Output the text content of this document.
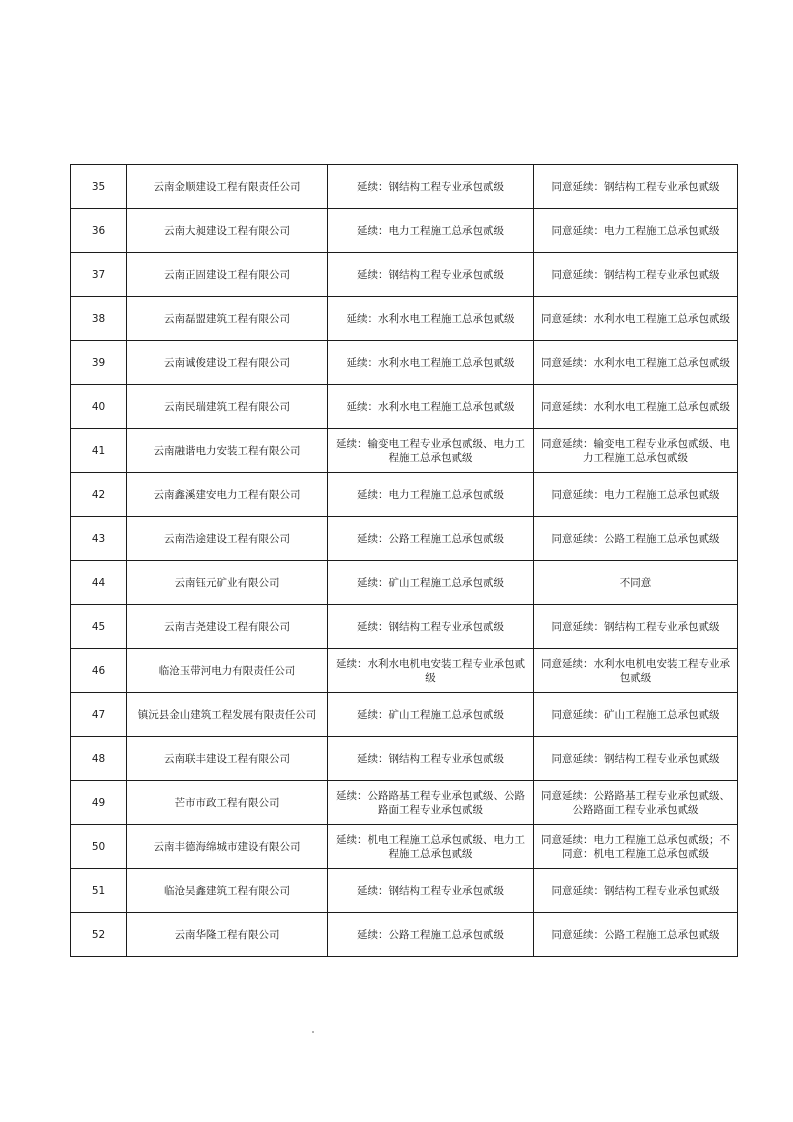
35	云南金顺建设工程有限责任公司	延续：钢结构工程专业承包贰级	同意延续：钢结构工程专业承包贰级
36	云南大昶建设工程有限公司	延续：电力工程施工总承包贰级	同意延续：电力工程施工总承包贰级
37	云南正固建设工程有限公司	延续：钢结构工程专业承包贰级	同意延续：钢结构工程专业承包贰级
38	云南磊盟建筑工程有限公司	延续：水利水电工程施工总承包贰级	同意延续：水利水电工程施工总承包贰级
39	云南诚俊建设工程有限公司	延续：水利水电工程施工总承包贰级	同意延续：水利水电工程施工总承包贰级
40	云南民瑞建筑工程有限公司	延续：水利水电工程施工总承包贰级	同意延续：水利水电工程施工总承包贰级
41	云南融谐电力安装工程有限公司	延续：输变电工程专业承包贰级、电力工程施工总承包贰级	同意延续：输变电工程专业承包贰级、电力工程施工总承包贰级
42	云南鑫溪建安电力工程有限公司	延续：电力工程施工总承包贰级	同意延续：电力工程施工总承包贰级
43	云南浩途建设工程有限公司	延续：公路工程施工总承包贰级	同意延续：公路工程施工总承包贰级
44	云南钰元矿业有限公司	延续：矿山工程施工总承包贰级	不同意
45	云南吉尧建设工程有限公司	延续：钢结构工程专业承包贰级	同意延续：钢结构工程专业承包贰级
46	临沧玉带河电力有限责任公司	延续：水利水电机电安装工程专业承包贰级	同意延续：水利水电机电安装工程专业承包贰级
47	镇沅县金山建筑工程发展有限责任公司	延续：矿山工程施工总承包贰级	同意延续：矿山工程施工总承包贰级
48	云南联丰建设工程有限公司	延续：钢结构工程专业承包贰级	同意延续：钢结构工程专业承包贰级
49	芒市市政工程有限公司	延续：公路路基工程专业承包贰级、公路路面工程专业承包贰级	同意延续：公路路基工程专业承包贰级、公路路面工程专业承包贰级
50	云南丰德海绵城市建设有限公司	延续：机电工程施工总承包贰级、电力工程施工总承包贰级	同意延续：电力工程施工总承包贰级；不同意：机电工程施工总承包贰级
51	临沧吴鑫建筑工程有限公司	延续：钢结构工程专业承包贰级	同意延续：钢结构工程专业承包贰级
52	云南华隆工程有限公司	延续：公路工程施工总承包贰级	同意延续：公路工程施工总承包贰级
